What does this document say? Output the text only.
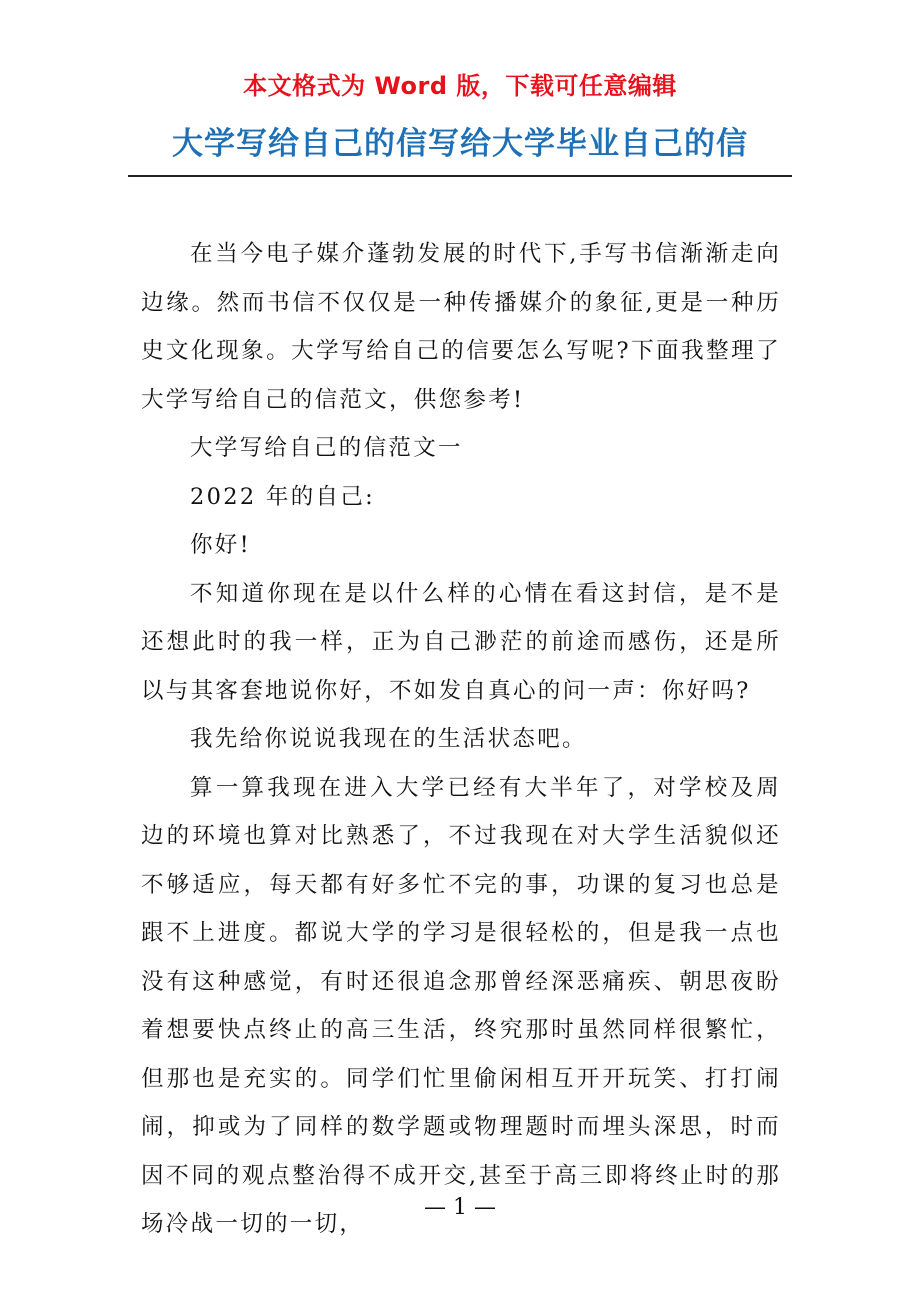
本文格式为 Word 版，下载可任意编辑
大学写给自己的信写给大学毕业自己的信

在当今电子媒介蓬勃发展的时代下,手写书信渐渐走向边缘。然而书信不仅仅是一种传播媒介的象征,更是一种历史文化现象。大学写给自己的信要怎么写呢?下面我整理了大学写给自己的信范文，供您参考!

大学写给自己的信范文一

2022 年的自己:

你好!

不知道你现在是以什么样的心情在看这封信，是不是还想此时的我一样，正为自己渺茫的前途而感伤，还是所以与其客套地说你好，不如发自真心的问一声：你好吗?

我先给你说说我现在的生活状态吧。

算一算我现在进入大学已经有大半年了，对学校及周边的环境也算对比熟悉了，不过我现在对大学生活貌似还不够适应，每天都有好多忙不完的事，功课的复习也总是跟不上进度。都说大学的学习是很轻松的，但是我一点也没有这种感觉，有时还很追念那曾经深恶痛疾、朝思夜盼着想要快点终止的高三生活，终究那时虽然同样很繁忙，但那也是充实的。同学们忙里偷闲相互开开玩笑、打打闹闹，抑或为了同样的数学题或物理题时而埋头深思，时而因不同的观点整治得不成开交,甚至于高三即将终止时的那场冷战一切的一切，

— 1 —
